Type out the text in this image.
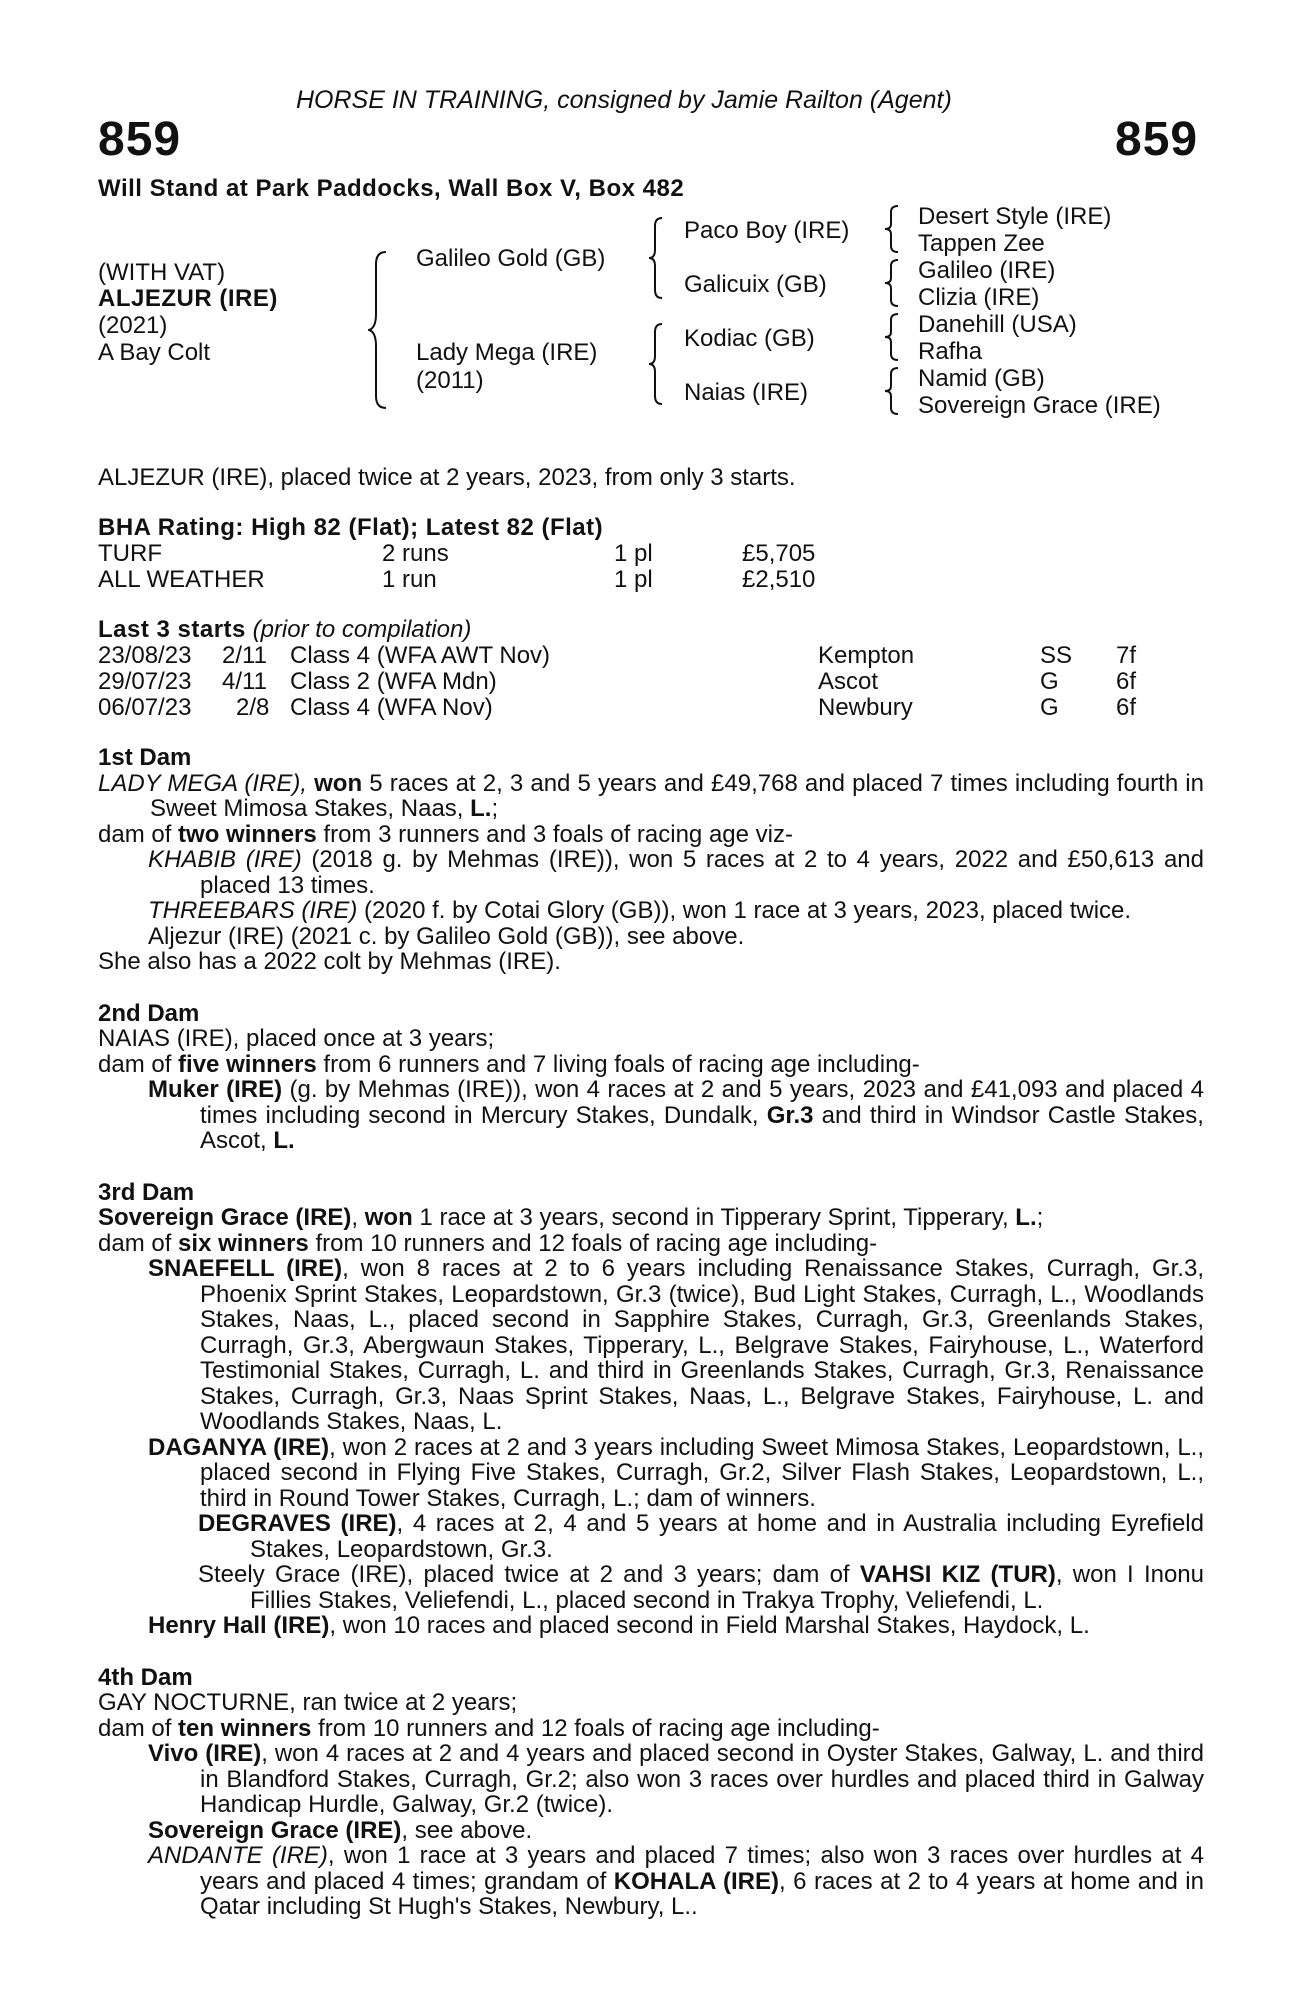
HORSE IN TRAINING, consigned by Jamie Railton (Agent)
859	859
Will Stand at Park Paddocks, Wall Box V, Box 482
(WITH VAT)
ALJEZUR (IRE)
(2021)
A Bay Colt
Galileo Gold (GB)
Lady Mega (IRE)
(2011)
Paco Boy (IRE)
Galicuix (GB)
Kodiac (GB)
Naias (IRE)
Desert Style (IRE)
Tappen Zee
Galileo (IRE)
Clizia (IRE)
Danehill (USA)
Rafha
Namid (GB)
Sovereign Grace (IRE)
ALJEZUR (IRE), placed twice at 2 years, 2023, from only 3 starts.
BHA Rating: High 82 (Flat); Latest 82 (Flat)
TURF	2 runs	1 pl	£5,705
ALL WEATHER	1 run	1 pl	£2,510
Last 3 starts (prior to compilation)
23/08/23 2/11 Class 4 (WFA AWT Nov)	Kempton	SS 7f
29/07/23 4/11 Class 2 (WFA Mdn)	Ascot	G 6f
06/07/23 2/8 Class 4 (WFA Nov)	Newbury	G 6f

1st Dam

LADY MEGA (IRE), won 5 races at 2, 3 and 5 years and £49,768 and placed 7 times including fourth in Sweet Mimosa Stakes, Naas, L.;

dam of two winners from 3 runners and 3 foals of racing age viz-

KHABIB (IRE) (2018 g. by Mehmas (IRE)), won 5 races at 2 to 4 years, 2022 and £50,613 and placed 13 times.

THREEBARS (IRE) (2020 f. by Cotai Glory (GB)), won 1 race at 3 years, 2023, placed twice.

Aljezur (IRE) (2021 c. by Galileo Gold (GB)), see above.

She also has a 2022 colt by Mehmas (IRE).

2nd Dam

NAIAS (IRE), placed once at 3 years;

dam of five winners from 6 runners and 7 living foals of racing age including-

Muker (IRE) (g. by Mehmas (IRE)), won 4 races at 2 and 5 years, 2023 and £41,093 and placed 4 times including second in Mercury Stakes, Dundalk, Gr.3 and third in Windsor Castle Stakes, Ascot, L.

3rd Dam

Sovereign Grace (IRE), won 1 race at 3 years, second in Tipperary Sprint, Tipperary, L.;

dam of six winners from 10 runners and 12 foals of racing age including-

SNAEFELL (IRE), won 8 races at 2 to 6 years including Renaissance Stakes, Curragh, Gr.3, Phoenix Sprint Stakes, Leopardstown, Gr.3 (twice), Bud Light Stakes, Curragh, L., Woodlands Stakes, Naas, L., placed second in Sapphire Stakes, Curragh, Gr.3, Greenlands Stakes, Curragh, Gr.3, Abergwaun Stakes, Tipperary, L., Belgrave Stakes, Fairyhouse, L., Waterford Testimonial Stakes, Curragh, L. and third in Greenlands Stakes, Curragh, Gr.3, Renaissance Stakes, Curragh, Gr.3, Naas Sprint Stakes, Naas, L., Belgrave Stakes, Fairyhouse, L. and Woodlands Stakes, Naas, L.

DAGANYA (IRE), won 2 races at 2 and 3 years including Sweet Mimosa Stakes, Leopardstown, L., placed second in Flying Five Stakes, Curragh, Gr.2, Silver Flash Stakes, Leopardstown, L., third in Round Tower Stakes, Curragh, L.; dam of winners.

DEGRAVES (IRE), 4 races at 2, 4 and 5 years at home and in Australia including Eyrefield Stakes, Leopardstown, Gr.3.

Steely Grace (IRE), placed twice at 2 and 3 years; dam of VAHSI KIZ (TUR), won I Inonu Fillies Stakes, Veliefendi, L., placed second in Trakya Trophy, Veliefendi, L.

Henry Hall (IRE), won 10 races and placed second in Field Marshal Stakes, Haydock, L.

4th Dam

GAY NOCTURNE, ran twice at 2 years;

dam of ten winners from 10 runners and 12 foals of racing age including-

Vivo (IRE), won 4 races at 2 and 4 years and placed second in Oyster Stakes, Galway, L. and third in Blandford Stakes, Curragh, Gr.2; also won 3 races over hurdles and placed third in Galway Handicap Hurdle, Galway, Gr.2 (twice).

Sovereign Grace (IRE), see above.

ANDANTE (IRE), won 1 race at 3 years and placed 7 times; also won 3 races over hurdles at 4 years and placed 4 times; grandam of KOHALA (IRE), 6 races at 2 to 4 years at home and in Qatar including St Hugh's Stakes, Newbury, L..
